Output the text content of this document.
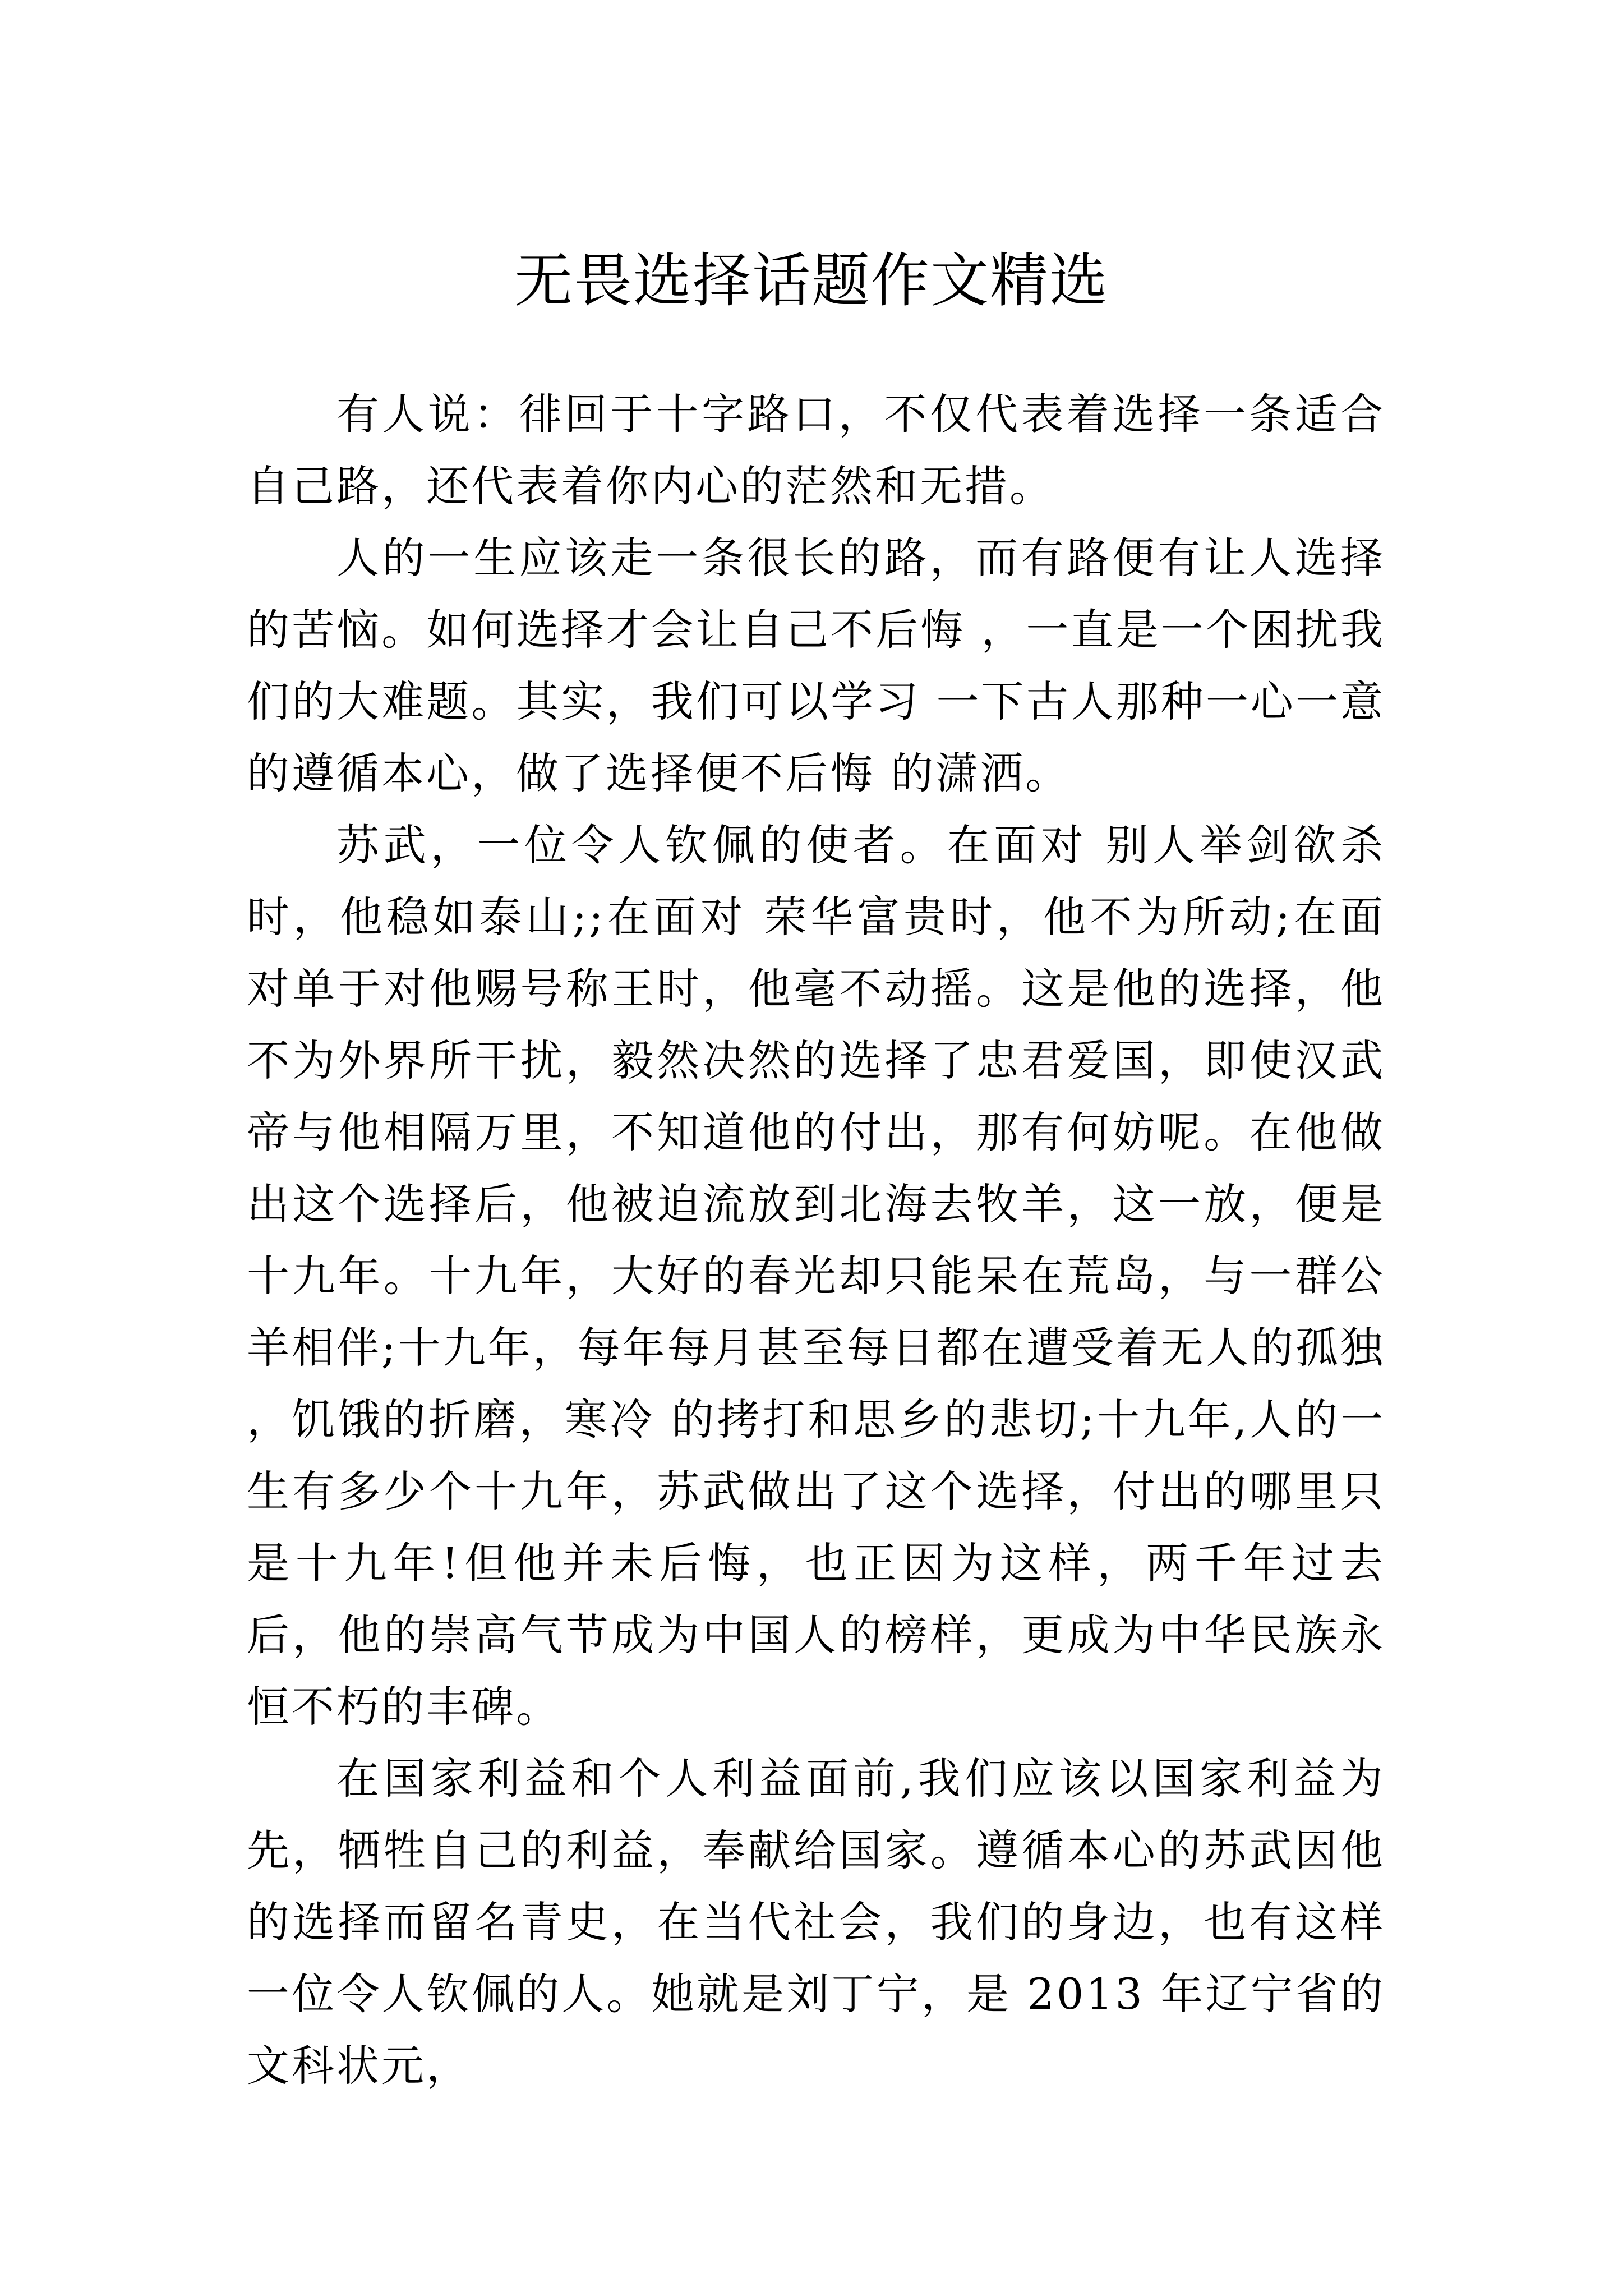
无畏选择话题作文精选

有人说：徘回于十字路口，不仅代表着选择一条适合自己路，还代表着你内心的茫然和无措。

人的一生应该走一条很长的路，而有路便有让人选择的苦恼。如何选择才会让自己不后悔 ，一直是一个困扰我们的大难题。其实，我们可以学习 一下古人那种一心一意的遵循本心，做了选择便不后悔 的潇洒。

苏武，一位令人钦佩的使者。在面对 别人举剑欲杀时，他稳如泰山;;在面对 荣华富贵时，他不为所动;在面对单于对他赐号称王时，他毫不动摇。这是他的选择，他不为外界所干扰，毅然决然的选择了忠君爱国，即使汉武帝与他相隔万里，不知道他的付出，那有何妨呢。在他做出这个选择后，他被迫流放到北海去牧羊，这一放，便是十九年。十九年，大好的春光却只能呆在荒岛，与一群公羊相伴;十九年，每年每月甚至每日都在遭受着无人的孤独 ，饥饿的折磨，寒冷 的拷打和思乡的悲切;十九年,人的一生有多少个十九年，苏武做出了这个选择，付出的哪里只是十九年!但他并未后悔，也正因为这样，两千年过去后，他的崇高气节成为中国人的榜样，更成为中华民族永恒不朽的丰碑。

在国家利益和个人利益面前,我们应该以国家利益为先，牺牲自己的利益，奉献给国家。遵循本心的苏武因他的选择而留名青史，在当代社会，我们的身边，也有这样一位令人钦佩的人。她就是刘丁宁，是 2013 年辽宁省的文科状元，
